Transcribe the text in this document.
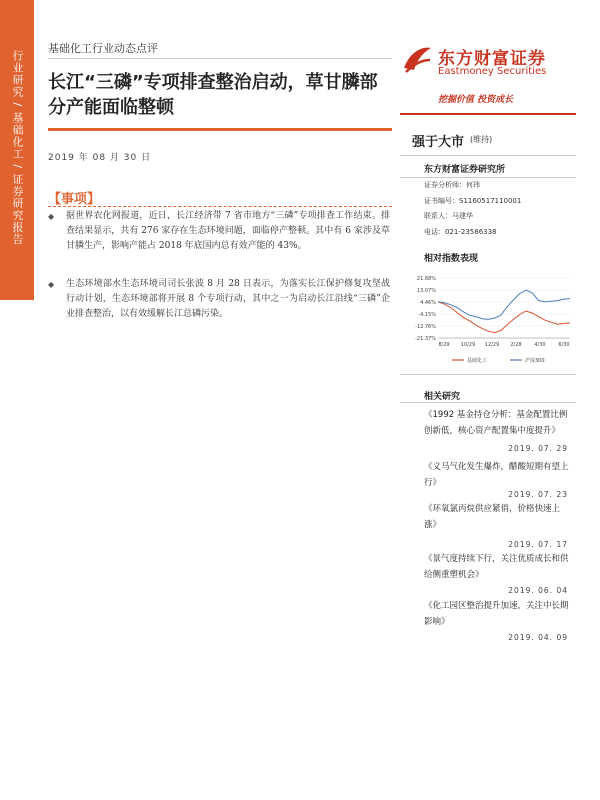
行业研究 / 基础化工 / 证券研究报告
基础化工行业动态点评
长江“三磷”专项排查整治启动，草甘膦部分产能面临整顿
2019 年 08 月 30 日
【事项】
◆	据世界农化网报道，近日，长江经济带 7 省市地方“三磷”专项排查工作结束。排查结果显示，共有 276 家存在生态环境问题，面临停产整顿。其中有 6 家涉及草甘膦生产，影响产能占 2018 年底国内总有效产能的 43%。
◆	生态环境部水生态环境司司长张波 8 月 28 日表示，为落实长江保护修复攻坚战行动计划，生态环境部将开展 8 个专项行动，其中之一为启动长江沿线“三磷”企业排查整治，以有效缓解长江总磷污染。
东方财富证券
Eastmoney Securities
挖掘价值 投资成长
强于大市 (维持)
东方财富证券研究所
证券分析师：何玮
证书编号：S1160517110001
联系人：马建华
电话：021-23586338
相对指数表现
21.68%
13.07%
4.46%
-4.15%
-12.76%
-21.37%
8/29 10/29 12/29 2/28	4/30	6/30
基础化工	沪深300
相关研究
《1992 基金持仓分析：基金配置比例创新低，核心资产配置集中度提升》
2019. 07. 29
《义马气化发生爆炸，醋酸短期有望上行》
2019. 07. 23
《环氧氯丙烷供应紧俏，价格快速上涨》
2019. 07. 17
《景气度持续下行，关注优质成长和供给侧重塑机会》
2019. 06. 04
《化工园区整治提升加速，关注中长期影响》
2019. 04. 09
